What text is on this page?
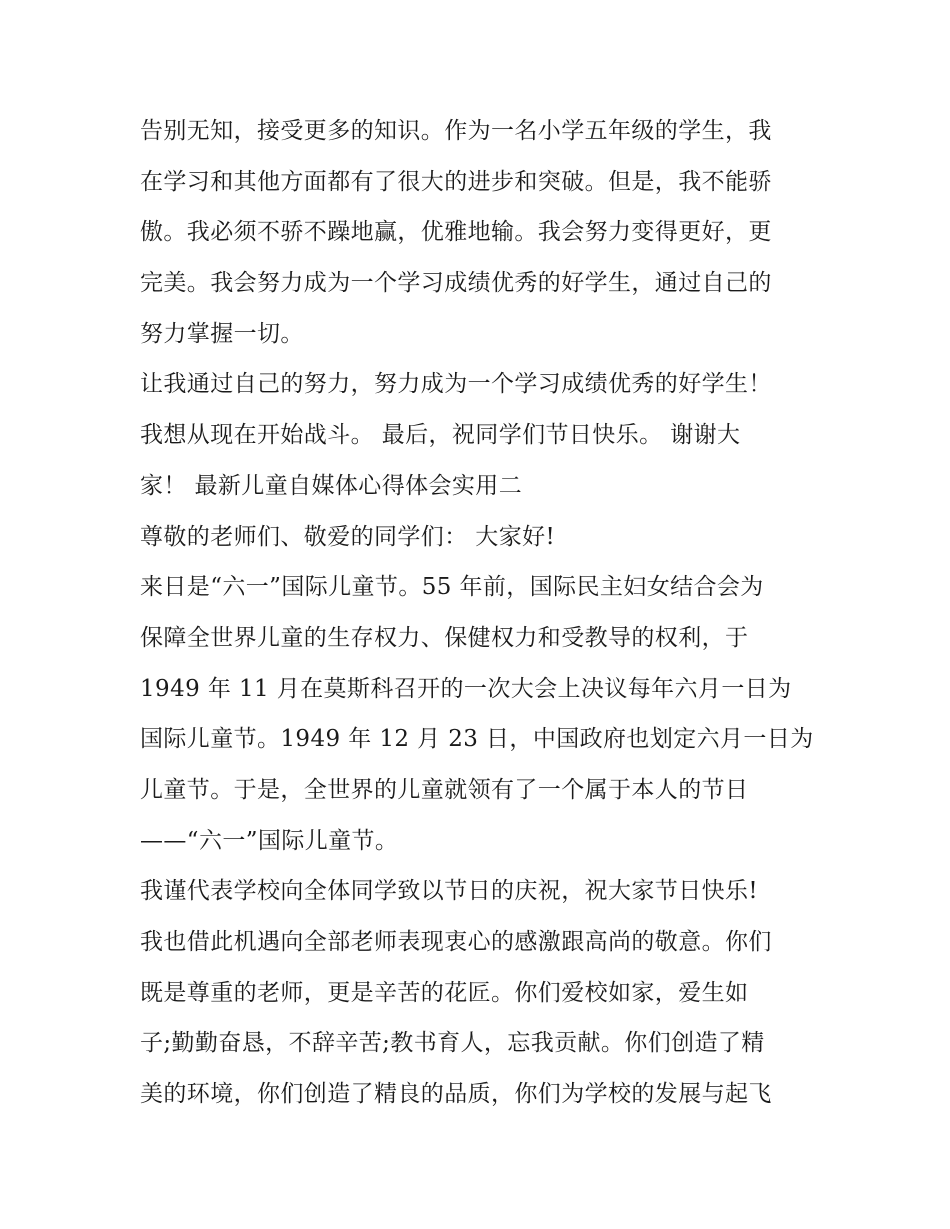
告别无知，接受更多的知识。作为一名小学五年级的学生，我
在学习和其他方面都有了很大的进步和突破。但是，我不能骄
傲。我必须不骄不躁地赢，优雅地输。我会努力变得更好，更
完美。我会努力成为一个学习成绩优秀的好学生，通过自己的
努力掌握一切。
让我通过自己的努力，努力成为一个学习成绩优秀的好学生！
我想从现在开始战斗。 最后，祝同学们节日快乐。 谢谢大
家！ 最新儿童自媒体心得体会实用二
尊敬的老师们、敬爱的同学们： 大家好!
来日是“六一”国际儿童节。55 年前，国际民主妇女结合会为
保障全世界儿童的生存权力、保健权力和受教导的权利，于
1949 年 11 月在莫斯科召开的一次大会上决议每年六月一日为
国际儿童节。1949 年 12 月 23 日，中国政府也划定六月一日为
儿童节。于是，全世界的儿童就领有了一个属于本人的节日
——“六一”国际儿童节。
我谨代表学校向全体同学致以节日的庆祝，祝大家节日快乐!
我也借此机遇向全部老师表现衷心的感激跟高尚的敬意。你们
既是尊重的老师，更是辛苦的花匠。你们爱校如家，爱生如
子;勤勤奋恳，不辞辛苦;教书育人，忘我贡献。你们创造了精
美的环境，你们创造了精良的品质，你们为学校的发展与起飞
